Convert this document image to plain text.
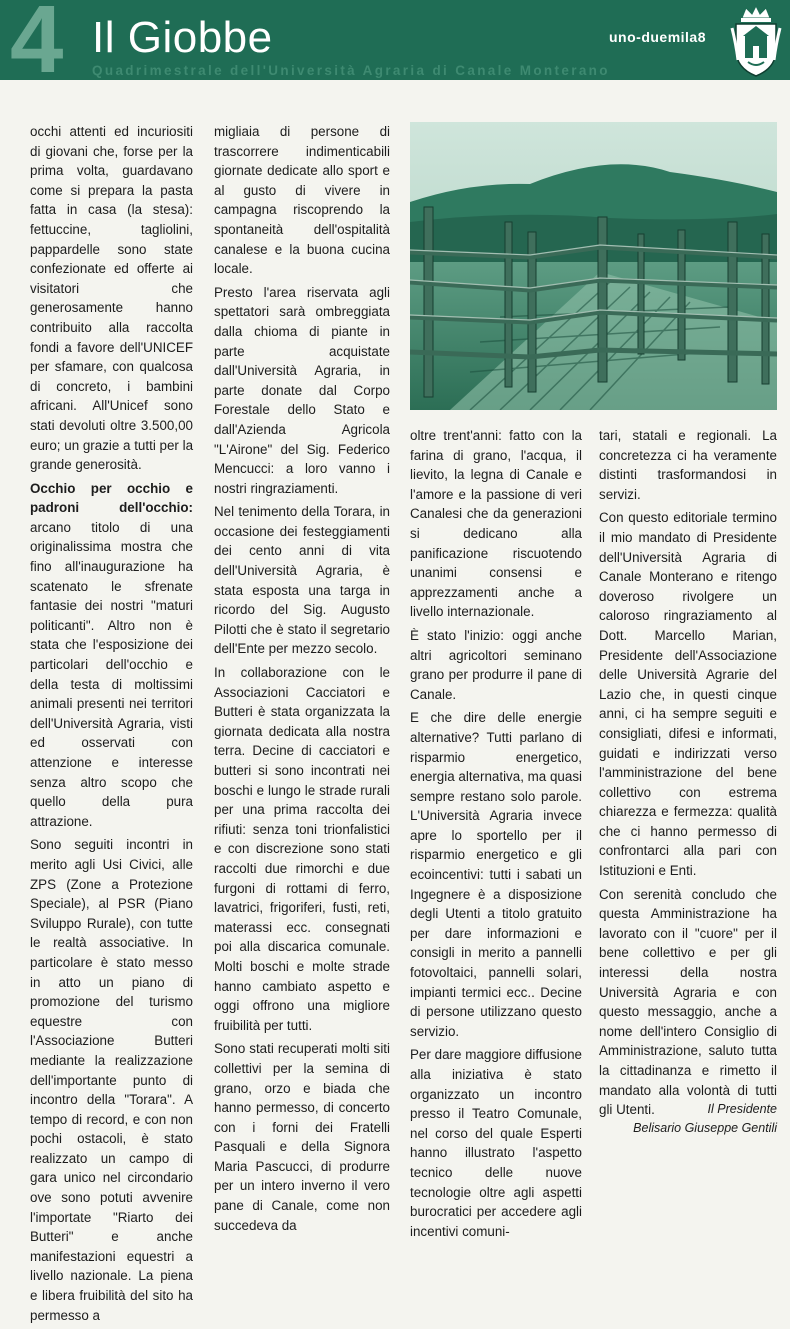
4 Il Giobbe
Quadrimestrale dell'Università Agraria di Canale Monterano
uno-duemila8

occhi attenti ed incuriositi di giovani che, forse per la prima volta, guardavano come si prepara la pasta fatta in casa (la stesa): fettuccine, tagliolini, pappardelle sono state confezionate ed offerte ai visitatori che generosamente hanno contribuito alla raccolta fondi a favore dell'UNICEF per sfamare, con qualcosa di concreto, i bambini africani. All'Unicef sono stati devoluti oltre 3.500,00 euro; un grazie a tutti per la grande generosità.

Occhio per occhio e padroni dell'occhio: arcano titolo di una originalissima mostra che fino all'inaugurazione ha scatenato le sfrenate fantasie dei nostri "maturi politicanti". Altro non è stata che l'esposizione dei particolari dell'occhio e della testa di moltissimi animali presenti nei territori dell'Università Agraria, visti ed osservati con attenzione e interesse senza altro scopo che quello della pura attrazione.

Sono seguiti incontri in merito agli Usi Civici, alle ZPS (Zone a Protezione Speciale), al PSR (Piano Sviluppo Rurale), con tutte le realtà associative. In particolare è stato messo in atto un piano di promozione del turismo equestre con l'Associazione Butteri mediante la realizzazione dell'importante punto di incontro della "Torara". A tempo di record, e con non pochi ostacoli, è stato realizzato un campo di gara unico nel circondario ove sono potuti avvenire l'importate "Riarto dei Butteri" e anche manifestazioni equestri a livello nazionale. La piena e libera fruibilità del sito ha permesso a

migliaia di persone di trascorrere indimenticabili giornate dedicate allo sport e al gusto di vivere in campagna riscoprendo la spontaneità dell'ospitalità canalese e la buona cucina locale.

Presto l'area riservata agli spettatori sarà ombreggiata dalla chioma di piante in parte acquistate dall'Università Agraria, in parte donate dal Corpo Forestale dello Stato e dall'Azienda Agricola "L'Airone" del Sig. Federico Mencucci: a loro vanno i nostri ringraziamenti.

Nel tenimento della Torara, in occasione dei festeggiamenti dei cento anni di vita dell'Università Agraria, è stata esposta una targa in ricordo del Sig. Augusto Pilotti che è stato il segretario dell'Ente per mezzo secolo.

In collaborazione con le Associazioni Cacciatori e Butteri è stata organizzata la giornata dedicata alla nostra terra. Decine di cacciatori e butteri si sono incontrati nei boschi e lungo le strade rurali per una prima raccolta dei rifiuti: senza toni trionfalistici e con discrezione sono stati raccolti due rimorchi e due furgoni di rottami di ferro, lavatrici, frigoriferi, fusti, reti, materassi ecc. consegnati poi alla discarica comunale. Molti boschi e molte strade hanno cambiato aspetto e oggi offrono una migliore fruibilità per tutti.

Sono stati recuperati molti siti collettivi per la semina di grano, orzo e biada che hanno permesso, di concerto con i forni dei Fratelli Pasquali e della Signora Maria Pascucci, di produrre per un intero inverno il vero pane di Canale, come non succedeva da

oltre trent'anni: fatto con la farina di grano, l'acqua, il lievito, la legna di Canale e l'amore e la passione di veri Canalesi che da generazioni si dedicano alla panificazione riscuotendo unanimi consensi e apprezzamenti anche a livello internazionale.

È stato l'inizio: oggi anche altri agricoltori seminano grano per produrre il pane di Canale.

E che dire delle energie alternative? Tutti parlano di risparmio energetico, energia alternativa, ma quasi sempre restano solo parole. L'Università Agraria invece apre lo sportello per il risparmio energetico e gli ecoincentivi: tutti i sabati un Ingegnere è a disposizione degli Utenti a titolo gratuito per dare informazioni e consigli in merito a pannelli fotovoltaici, pannelli solari, impianti termici ecc.. Decine di persone utilizzano questo servizio.

Per dare maggiore diffusione alla iniziativa è stato organizzato un incontro presso il Teatro Comunale, nel corso del quale Esperti hanno illustrato l'aspetto tecnico delle nuove tecnologie oltre agli aspetti burocratici per accedere agli incentivi comuni-

tari, statali e regionali. La concretezza ci ha veramente distinti trasformandosi in servizi.

Con questo editoriale termino il mio mandato di Presidente dell'Università Agraria di Canale Monterano e ritengo doveroso rivolgere un caloroso ringraziamento al Dott. Marcello Marian, Presidente dell'Associazione delle Università Agrarie del Lazio che, in questi cinque anni, ci ha sempre seguiti e consigliati, difesi e informati, guidati e indirizzati verso l'amministrazione del bene collettivo con estrema chiarezza e fermezza: qualità che ci hanno permesso di confrontarci alla pari con Istituzioni e Enti.

Con serenità concludo che questa Amministrazione ha lavorato con il "cuore" per il bene collettivo e per gli interessi della nostra Università Agraria e con questo messaggio, anche a nome dell'intero Consiglio di Amministrazione, saluto tutta la cittadinanza e rimetto il mandato alla volontà di tutti gli Utenti.	Il Presidente
Belisario Giuseppe Gentili
